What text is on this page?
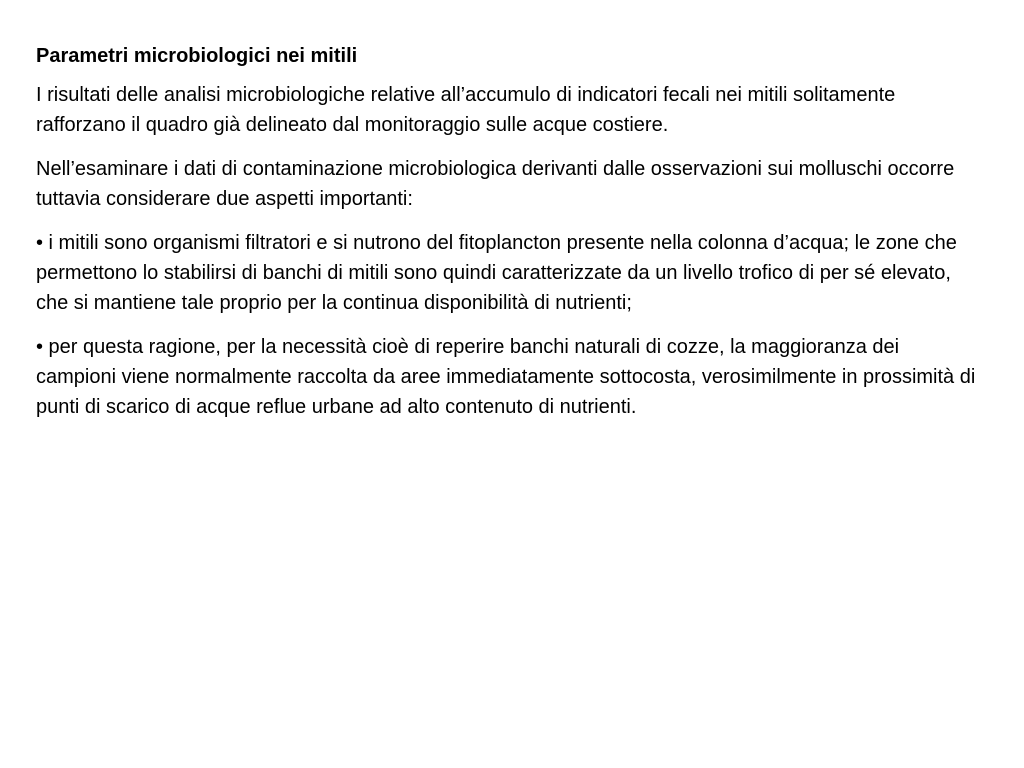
Parametri microbiologici nei mitili

I risultati delle analisi microbiologiche relative all’accumulo di indicatori fecali nei mitili solitamente rafforzano il quadro già delineato dal monitoraggio sulle acque costiere.

Nell’esaminare i dati di contaminazione microbiologica derivanti dalle osservazioni sui molluschi occorre tuttavia considerare due aspetti importanti:

• i mitili sono organismi filtratori e si nutrono del fitoplancton presente nella colonna d’acqua; le zone che permettono lo stabilirsi di banchi di mitili sono quindi caratterizzate da un livello trofico di per sé elevato, che si mantiene tale proprio per la continua disponibilità di nutrienti;

• per questa ragione, per la necessità cioè di reperire banchi naturali di cozze, la maggioranza dei campioni viene normalmente raccolta da aree immediatamente sottocosta, verosimilmente in prossimità di punti di scarico di acque reflue urbane ad alto contenuto di nutrienti.
